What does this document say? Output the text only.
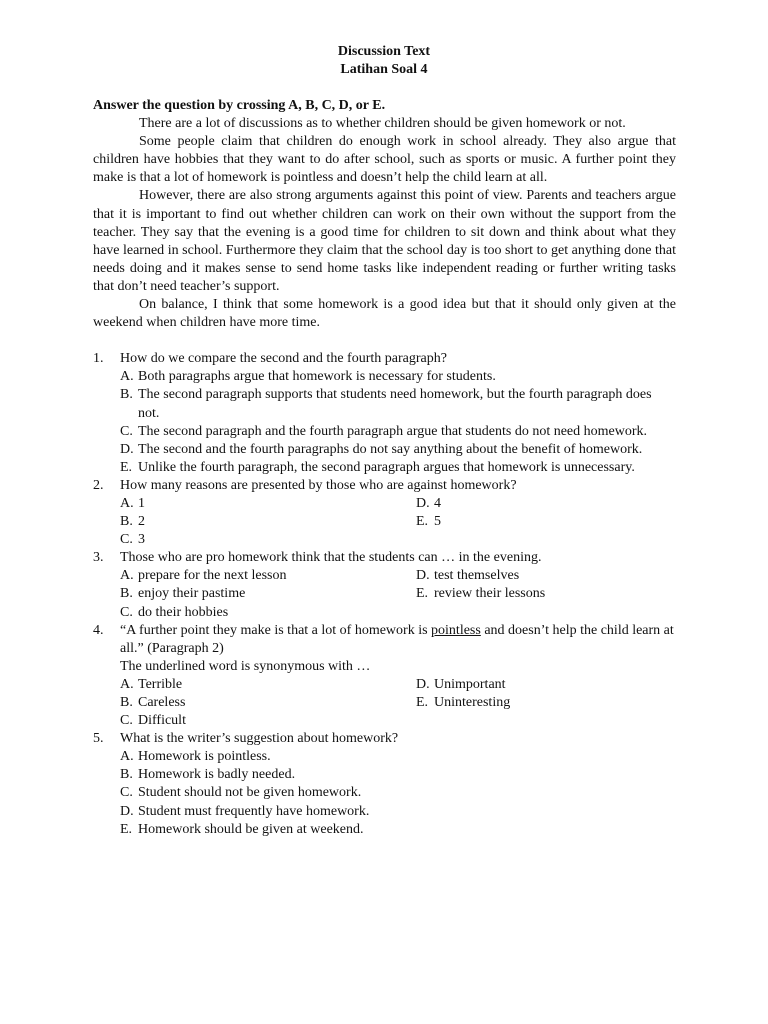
Discussion Text
Latihan Soal 4
Answer the question by crossing A, B, C, D, or E.

There are a lot of discussions as to whether children should be given homework or not.

Some people claim that children do enough work in school already. They also argue that children have hobbies that they want to do after school, such as sports or music. A further point they make is that a lot of homework is pointless and doesn’t help the child learn at all.

However, there are also strong arguments against this point of view. Parents and teachers argue that it is important to find out whether children can work on their own without the support from the teacher. They say that the evening is a good time for children to sit down and think about what they have learned in school. Furthermore they claim that the school day is too short to get anything done that needs doing and it makes sense to send home tasks like independent reading or further writing tasks that don’t need teacher’s support.

On balance, I think that some homework is a good idea but that it should only given at the weekend when children have more time.

1. How do we compare the second and the fourth paragraph?
A. Both paragraphs argue that homework is necessary for students.
B. The second paragraph supports that students need homework, but the fourth paragraph does not.
C. The second paragraph and the fourth paragraph argue that students do not need homework.
D. The second and the fourth paragraphs do not say anything about the benefit of homework.
E. Unlike the fourth paragraph, the second paragraph argues that homework is unnecessary.
2. How many reasons are presented by those who are against homework?
A. 1	D. 4
B. 2	E. 5
C. 3
3. Those who are pro homework think that the students can … in the evening.
A. prepare for the next lesson	D. test themselves
B. enjoy their pastime	E. review their lessons
C. do their hobbies
4. “A further point they make is that a lot of homework is pointless and doesn’t help the child learn at all.” (Paragraph 2)
The underlined word is synonymous with …
A. Terrible	D. Unimportant
B. Careless	E. Uninteresting
C. Difficult
5. What is the writer’s suggestion about homework?
A. Homework is pointless.
B. Homework is badly needed.
C. Student should not be given homework.
D. Student must frequently have homework.
E. Homework should be given at weekend.
